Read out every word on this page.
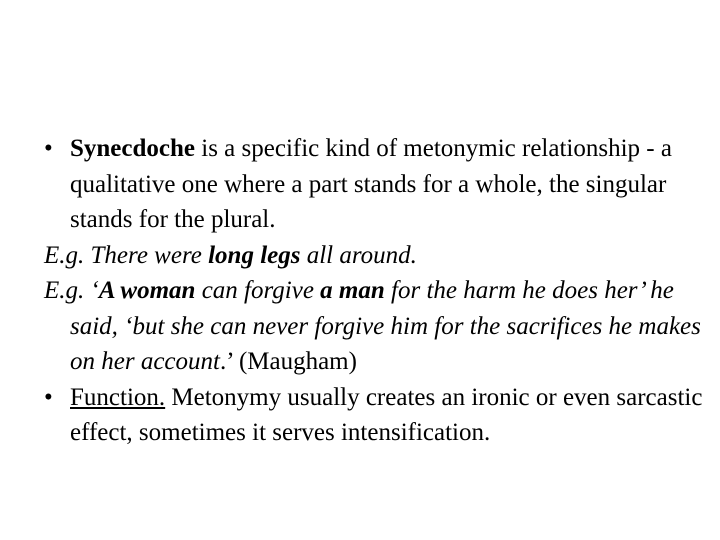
• Synecdoche is a specific kind of metonymic relationship - a qualitative one where a part stands for a whole, the singular stands for the plural.

E.g. There were long legs all around.

E.g. ‘A woman can forgive a man for the harm he does her’ he said, ‘but she can never forgive him for the sacrifices he makes on her account.’ (Maugham)

• Function. Metonymy usually creates an ironic or even sarcastic effect, sometimes it serves intensification.
